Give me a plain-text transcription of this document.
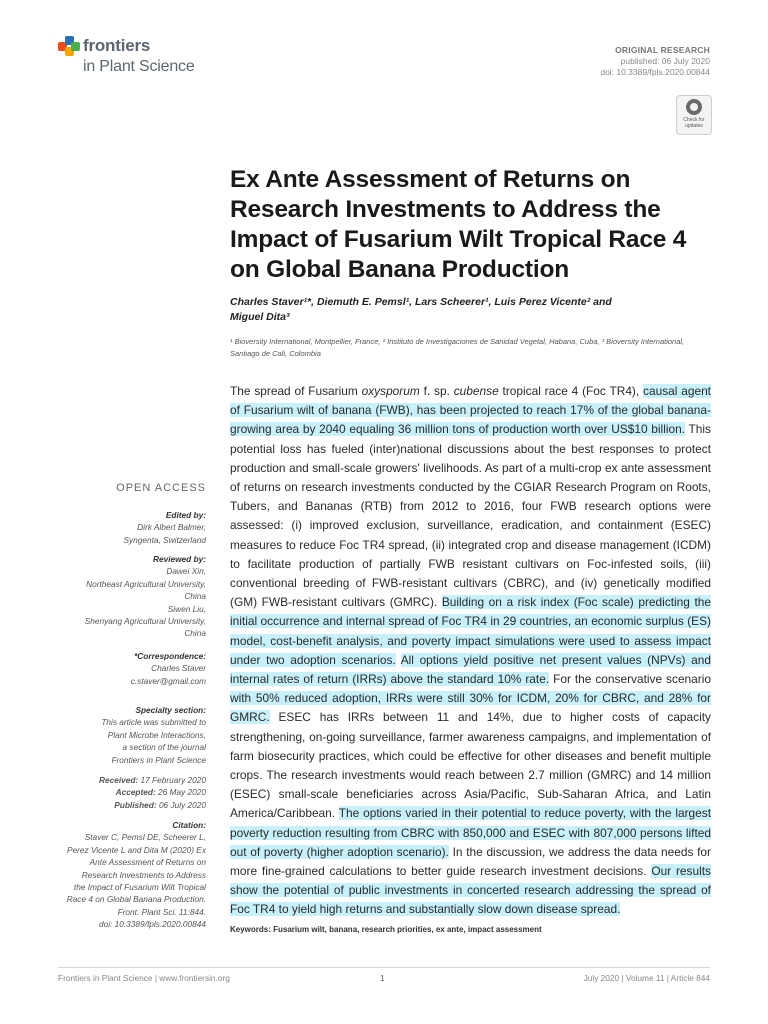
frontiers
in Plant Science
ORIGINAL RESEARCH
published: 06 July 2020
doi: 10.3389/fpls.2020.00844
Check for
updates
Ex Ante Assessment of Returns on Research Investments to Address the Impact of Fusarium Wilt Tropical Race 4 on Global Banana Production
Charles Staver¹*, Diemuth E. Pemsl¹, Lars Scheerer¹, Luis Perez Vicente² and
Miguel Dita³
¹ Bioversity International, Montpellier, France, ² Instituto de Investigaciones de Sanidad Vegetal, Habana, Cuba, ³ Bioversity International, Santiago de Cali, Colombia

The spread of Fusarium oxysporum f. sp. cubense tropical race 4 (Foc TR4), causal agent of Fusarium wilt of banana (FWB), has been projected to reach 17% of the global banana-growing area by 2040 equaling 36 million tons of production worth over US$10 billion. This potential loss has fueled (inter)national discussions about the best responses to protect production and small-scale growers' livelihoods. As part of a multi-crop ex ante assessment of returns on research investments conducted by the CGIAR Research Program on Roots, Tubers, and Bananas (RTB) from 2012 to 2016, four FWB research options were assessed: (i) improved exclusion, surveillance, eradication, and containment (ESEC) measures to reduce Foc TR4 spread, (ii) integrated crop and disease management (ICDM) to facilitate production of partially FWB resistant cultivars on Foc-infested soils, (iii) conventional breeding of FWB-resistant cultivars (CBRC), and (iv) genetically modified (GM) FWB-resistant cultivars (GMRC). Building on a risk index (Foc scale) predicting the initial occurrence and internal spread of Foc TR4 in 29 countries, an economic surplus (ES) model, cost-benefit analysis, and poverty impact simulations were used to assess impact under two adoption scenarios. All options yield positive net present values (NPVs) and internal rates of return (IRRs) above the standard 10% rate. For the conservative scenario with 50% reduced adoption, IRRs were still 30% for ICDM, 20% for CBRC, and 28% for GMRC. ESEC has IRRs between 11 and 14%, due to higher costs of capacity strengthening, on-going surveillance, farmer awareness campaigns, and implementation of farm biosecurity practices, which could be effective for other diseases and benefit multiple crops. The research investments would reach between 2.7 million (GMRC) and 14 million (ESEC) small-scale beneficiaries across Asia/Pacific, Sub-Saharan Africa, and Latin America/Caribbean. The options varied in their potential to reduce poverty, with the largest poverty reduction resulting from CBRC with 850,000 and ESEC with 807,000 persons lifted out of poverty (higher adoption scenario). In the discussion, we address the data needs for more fine-grained calculations to better guide research investment decisions. Our results show the potential of public investments in concerted research addressing the spread of Foc TR4 to yield high returns and substantially slow down disease spread.

Keywords: Fusarium wilt, banana, research priorities, ex ante, impact assessment
OPEN ACCESS
Edited by:
Dirk Albert Balmer,
Syngenta, Switzerland
Reviewed by:
Dawei Xin,
Northeast Agricultural University,
China
Siwen Liu,
Shenyang Agricultural University,
China
*Correspondence:
Charles Staver
c.staver@gmail.com
Specialty section:
This article was submitted to
Plant Microbe Interactions,
a section of the journal
Frontiers in Plant Science
Received: 17 February 2020
Accepted: 26 May 2020
Published: 06 July 2020
Citation:
Staver C, Pemsl DE, Scheerer L,
Perez Vicente L and Dita M (2020) Ex
Ante Assessment of Returns on
Research Investments to Address
the Impact of Fusarium Wilt Tropical
Race 4 on Global Banana Production.
Front. Plant Sci. 11:844.
doi: 10.3389/fpls.2020.00844
Frontiers in Plant Science | www.frontiersin.org	1	July 2020 | Volume 11 | Article 844
